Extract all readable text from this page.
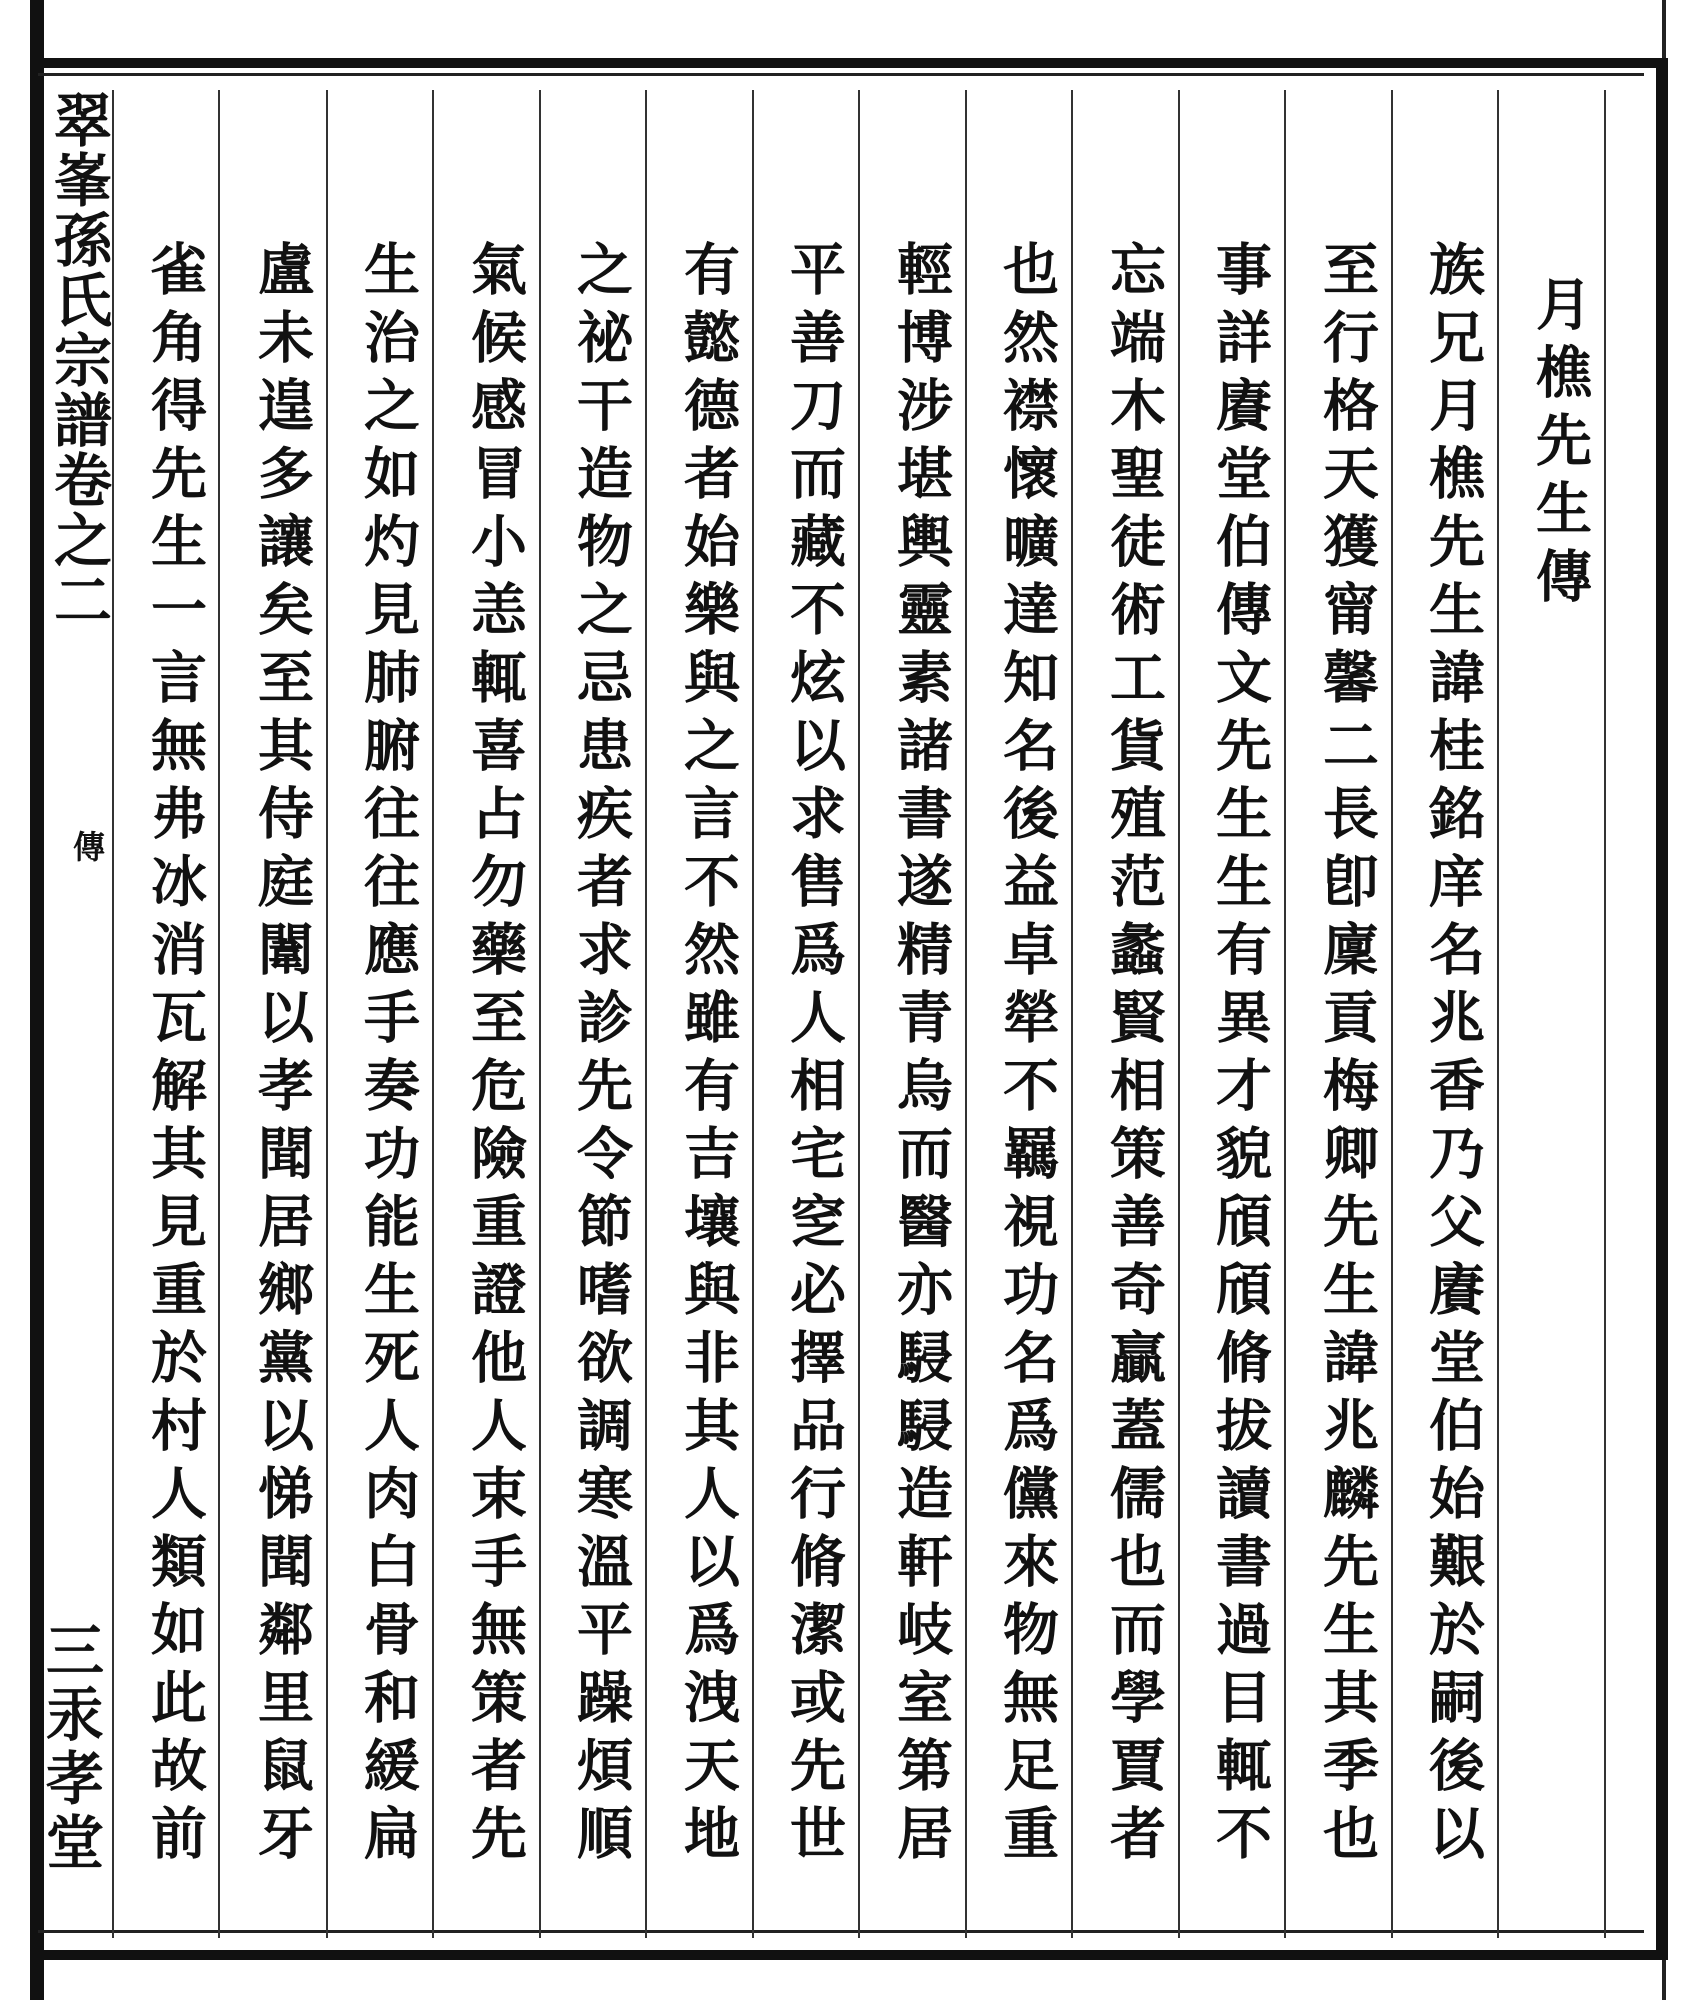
翠峯孫氏宗譜
卷之二
傳
三汞孝堂
月樵先生傳
族兄月樵先生諱桂銘庠名兆香乃父賡堂伯始艱於嗣後以
至行格天獲甯馨二長卽廩貢梅卿先生諱兆麟先生其季也
事詳賡堂伯傳文先生生有異才貌頎頎脩拔讀書過目輒不
忘端木聖徒術工貨殖范蠡賢相策善奇贏蓋儒也而學賈者
也然襟懷曠達知名後益卓犖不羈視功名爲儻來物無足重
輕博涉堪輿靈素諸書遂精青烏而醫亦駸駸造軒岐室第居
平善刀而藏不炫以求售爲人相宅窆必擇品行脩潔或先世
有懿德者始樂與之言不然雖有吉壤與非其人以爲洩天地
之祕干造物之忌患疾者求診先令節嗜欲調寒溫平躁煩順
氣候感冒小恙輒喜占勿藥至危險重證他人束手無策者先
生治之如灼見肺腑往往應手奏功能生死人肉白骨和緩扁
盧未遑多讓矣至其侍庭闈以孝聞居鄉黨以悌聞鄰里鼠牙
雀角得先生一言無弗冰消瓦解其見重於村人類如此故前
